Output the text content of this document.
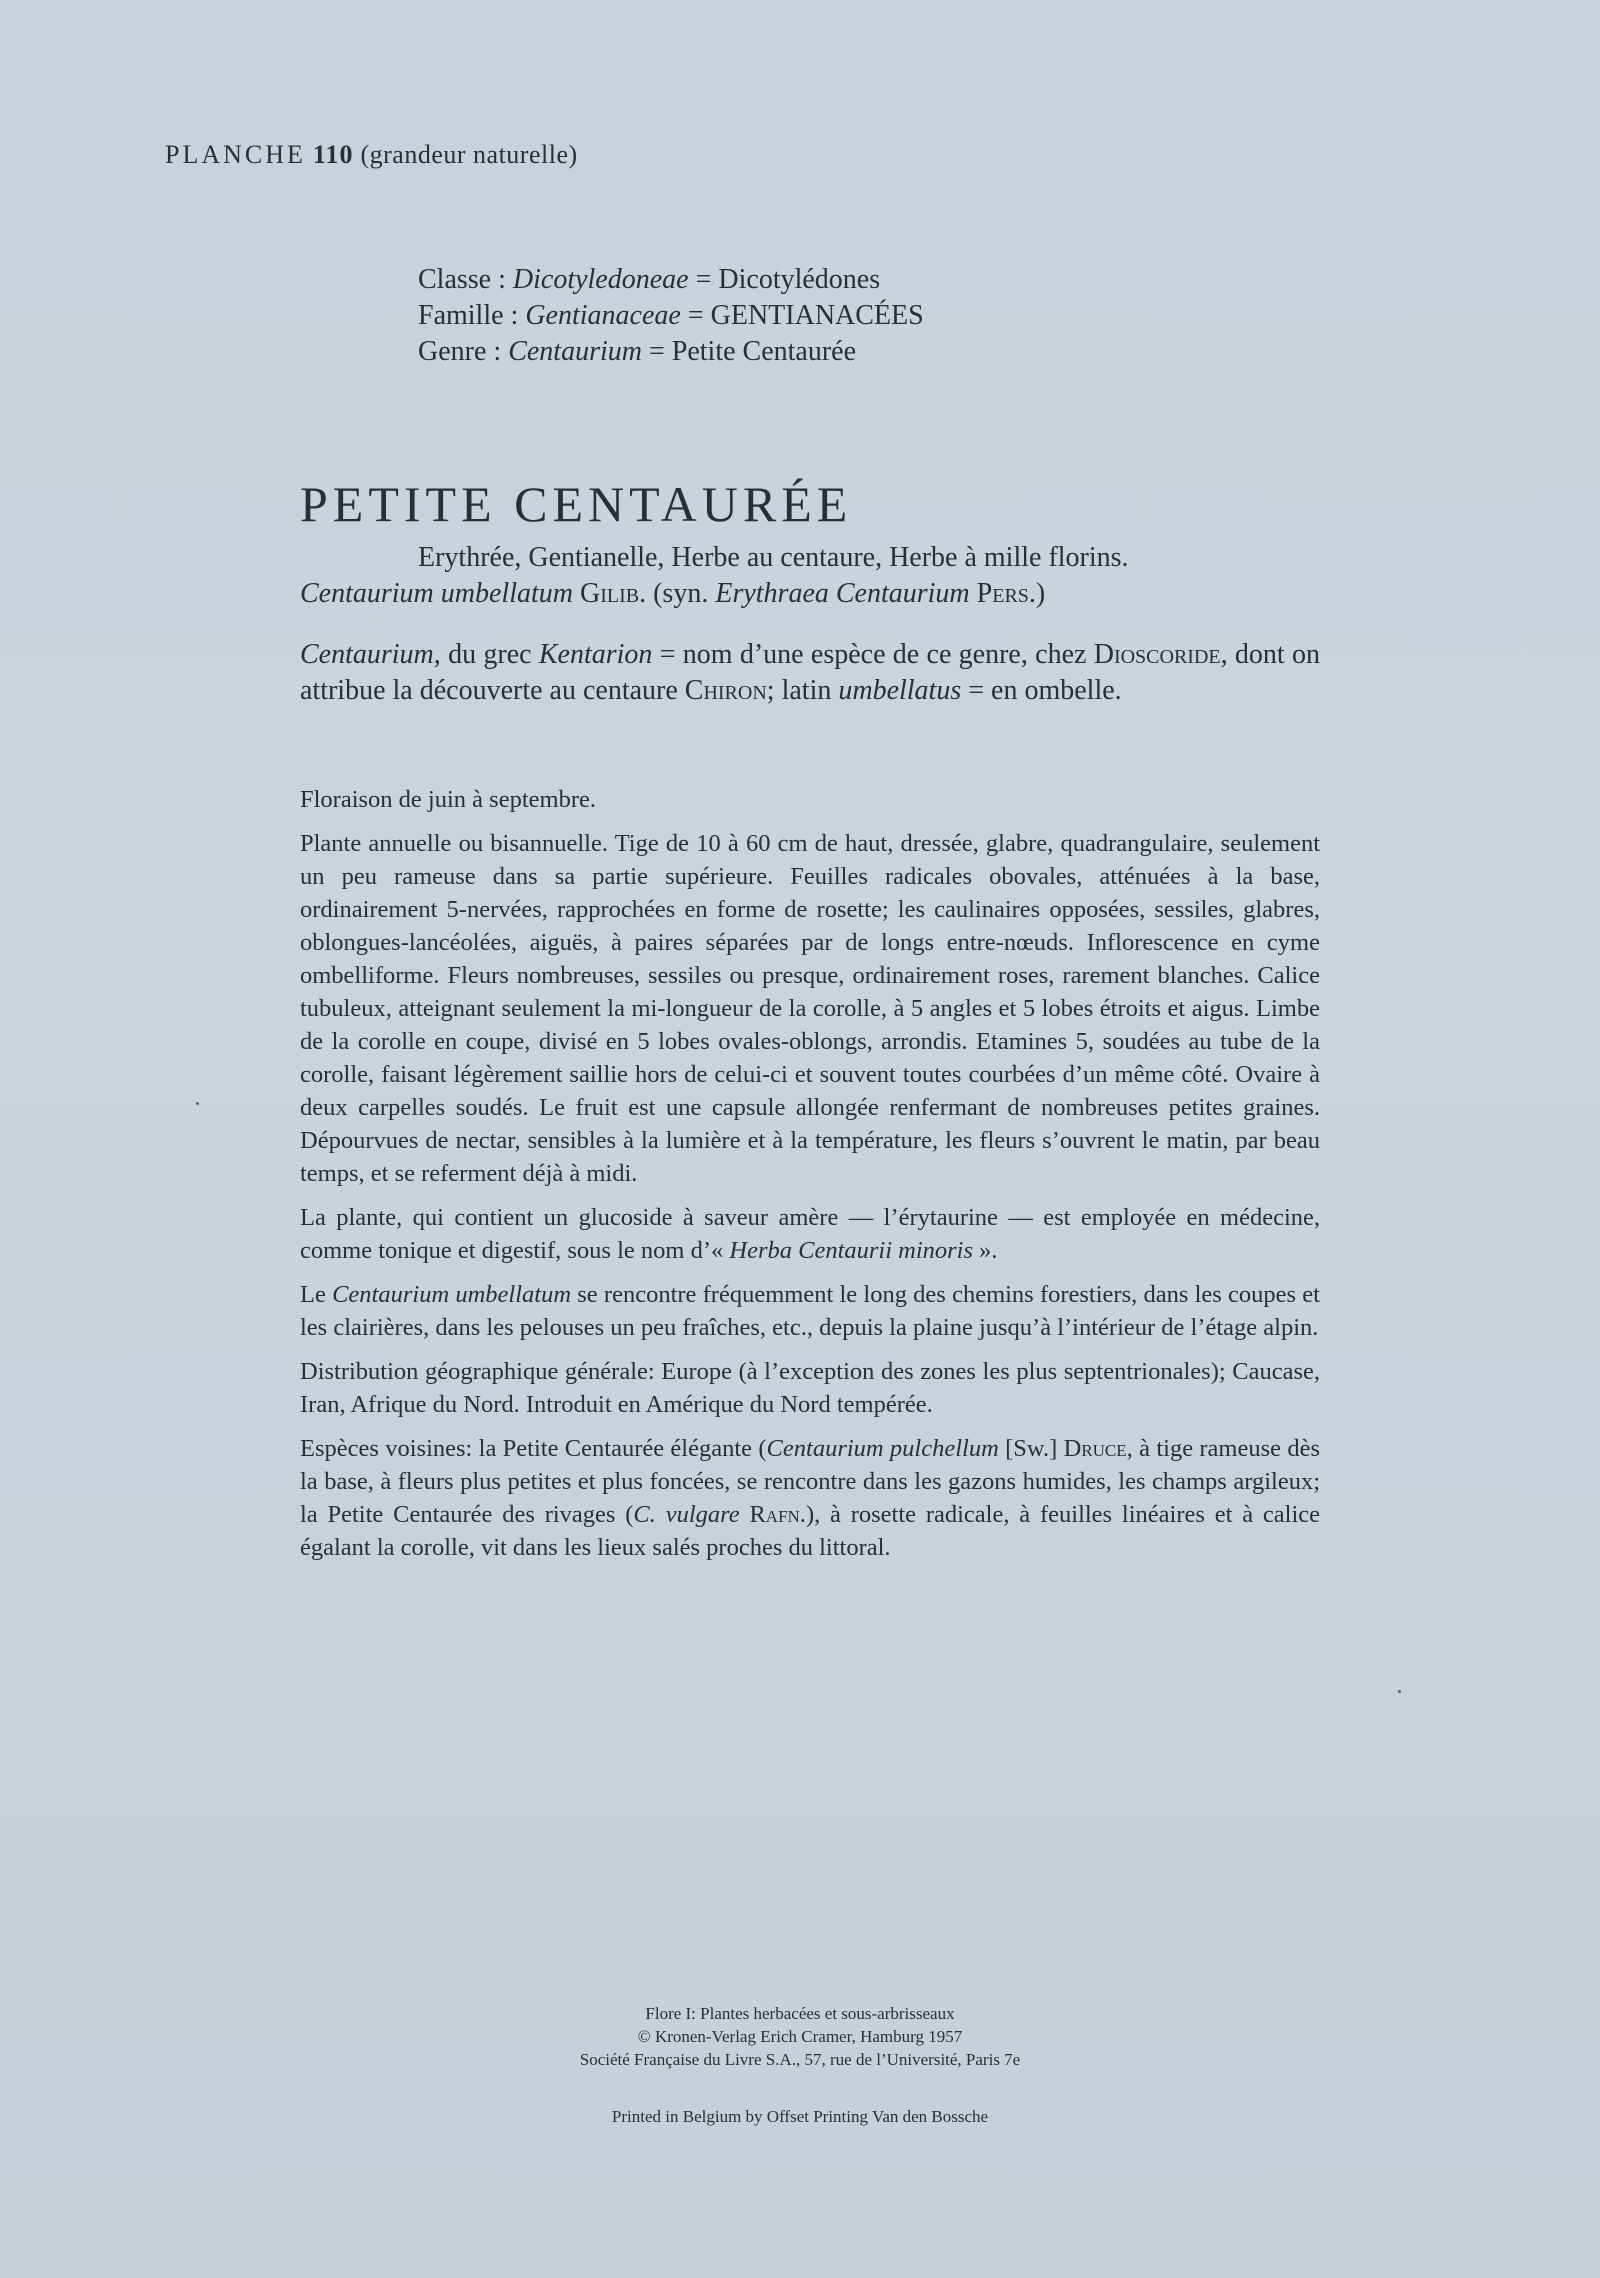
PLANCHE 110 (grandeur naturelle)
Classe : Dicotyledoneae = Dicotylédones
Famille : Gentianaceae = GENTIANACÉES
Genre : Centaurium = Petite Centaurée
PETITE CENTAURÉE
Erythrée, Gentianelle, Herbe au centaure, Herbe à mille florins.
Centaurium umbellatum Gilib. (syn. Erythraea Centaurium Pers.)
Centaurium, du grec Kentarion = nom d’une espèce de ce genre, chez Dioscoride, dont on attribue la découverte au centaure Chiron; latin umbellatus = en ombelle.

Floraison de juin à septembre.

Plante annuelle ou bisannuelle. Tige de 10 à 60 cm de haut, dressée, glabre, quadrangulaire, seulement un peu rameuse dans sa partie supérieure. Feuilles radicales obovales, atténuées à la base, ordinairement 5-nervées, rapprochées en forme de rosette; les caulinaires opposées, sessiles, glabres, oblongues-lancéolées, aiguës, à paires séparées par de longs entre-nœuds. Inflorescence en cyme ombelliforme. Fleurs nombreuses, sessiles ou presque, ordinairement roses, rarement blanches. Calice tubuleux, atteignant seulement la mi-longueur de la corolle, à 5 angles et 5 lobes étroits et aigus. Limbe de la corolle en coupe, divisé en 5 lobes ovales-oblongs, arrondis. Etamines 5, soudées au tube de la corolle, faisant légèrement saillie hors de celui-ci et souvent toutes courbées d’un même côté. Ovaire à deux carpelles soudés. Le fruit est une capsule allongée renfermant de nombreuses petites graines. Dépourvues de nectar, sensibles à la lumière et à la température, les fleurs s’ouvrent le matin, par beau temps, et se referment déjà à midi.

La plante, qui contient un glucoside à saveur amère — l’érytaurine — est employée en médecine, comme tonique et digestif, sous le nom d’« Herba Centaurii minoris ».

Le Centaurium umbellatum se rencontre fréquemment le long des chemins forestiers, dans les coupes et les clairières, dans les pelouses un peu fraîches, etc., depuis la plaine jusqu’à l’intérieur de l’étage alpin.

Distribution géographique générale: Europe (à l’exception des zones les plus septentrionales); Caucase, Iran, Afrique du Nord. Introduit en Amérique du Nord tempérée.

Espèces voisines: la Petite Centaurée élégante (Centaurium pulchellum [Sw.] Druce, à tige rameuse dès la base, à fleurs plus petites et plus foncées, se rencontre dans les gazons humides, les champs argileux; la Petite Centaurée des rivages (C. vulgare Rafn.), à rosette radicale, à feuilles linéaires et à calice égalant la corolle, vit dans les lieux salés proches du littoral.

Flore I: Plantes herbacées et sous-arbrisseaux
© Kronen-Verlag Erich Cramer, Hamburg 1957
Société Française du Livre S.A., 57, rue de l’Université, Paris 7e
Printed in Belgium by Offset Printing Van den Bossche
